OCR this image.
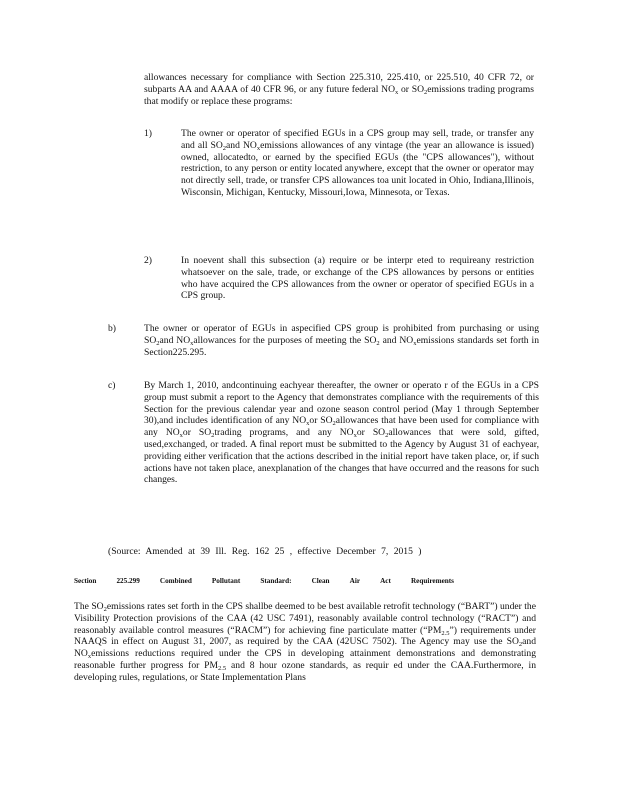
allowances necessary for compliance with Section 225.310, 225.410, or 225.510, 40 CFR 72, or subparts AA and AAAA of 40 CFR 96, or any future federal $NO_x$ or $SO_2emissions$ trading programs that modify or replace these programs:

1)	The owner or operator of specified EGUs in a CPS group may sell, trade, or transfer any and all $SO_2and$ $NO_xemissions$ allowances of any vintage (the year an allowance is issued) owned, allocatedto, or earned by the specified EGUs (the "CPS allowances"), without restriction, to any person or entity located anywhere, except that the owner or operator may not directly sell, trade, or transfer CPS allowances toa unit located in Ohio, Indiana,Illinois, Wisconsin, Michigan, Kentucky, Missouri,Iowa, Minnesota, or Texas.

2)	In noevent shall this subsection (a) require or be interpr eted to requireany restriction whatsoever on the sale, trade, or exchange of the CPS allowances by persons or entities who have acquired the CPS allowances from the owner or operator of specified EGUs in a CPS group.

b)	The owner or operator of EGUs in aspecified CPS group is prohibited from purchasing or using $SO_2and$ $NO_xallowances$ for the purposes of meeting the $SO_2$ and $NO_xemissions$ standards set forth in Section225.295.

c)	By March 1, 2010, andcontinuing eachyear thereafter, the owner or operato r of the EGUs in a CPS group must submit a report to the Agency that demonstrates compliance with the requirements of this Section for the previous calendar year and ozone season control period (May 1 through September 30),and includes identification of any $NO_xor$ $SO_2allowances$ that have been used for compliance with any $NO_xor$ $SO_2trading$ programs, and any $NO_xor$ $SO_2allowances$ that were sold, gifted, used,exchanged, or traded. A final report must be submitted to the Agency by August 31 of eachyear, providing either verification that the actions described in the initial report have taken place, or, if such actions have not taken place, anexplanation of the changes that have occurred and the reasons for such changes.

(Source: Amended at 39 Ill. Reg. 162 25 , effective December 7, 2015 )

Section	225.299	Combined	Pollutant	Standard:	Clean	Air	Act	Requirements

The $SO_2emissions$ rates set forth in the CPS shallbe deemed to be best available retrofit technology (“BART”) under the Visibility Protection provisions of the CAA (42 USC 7491), reasonably available control technology (“RACT”) and reasonably available control measures (“RACM”) for achieving fine particulate matter $(“PM_{2.5}”)$ requirements under NAAQS in effect on August 31, 2007, as required by the CAA (42USC 7502). The Agency may use the $SO_2and$ $NO_xemissions$ reductions required under the CPS in developing attainment demonstrations and demonstrating reasonable further progress for $PM_{2.5}$ and 8 hour ozone standards, as requir ed under the CAA.Furthermore, in developing rules, regulations, or State Implementation Plans
